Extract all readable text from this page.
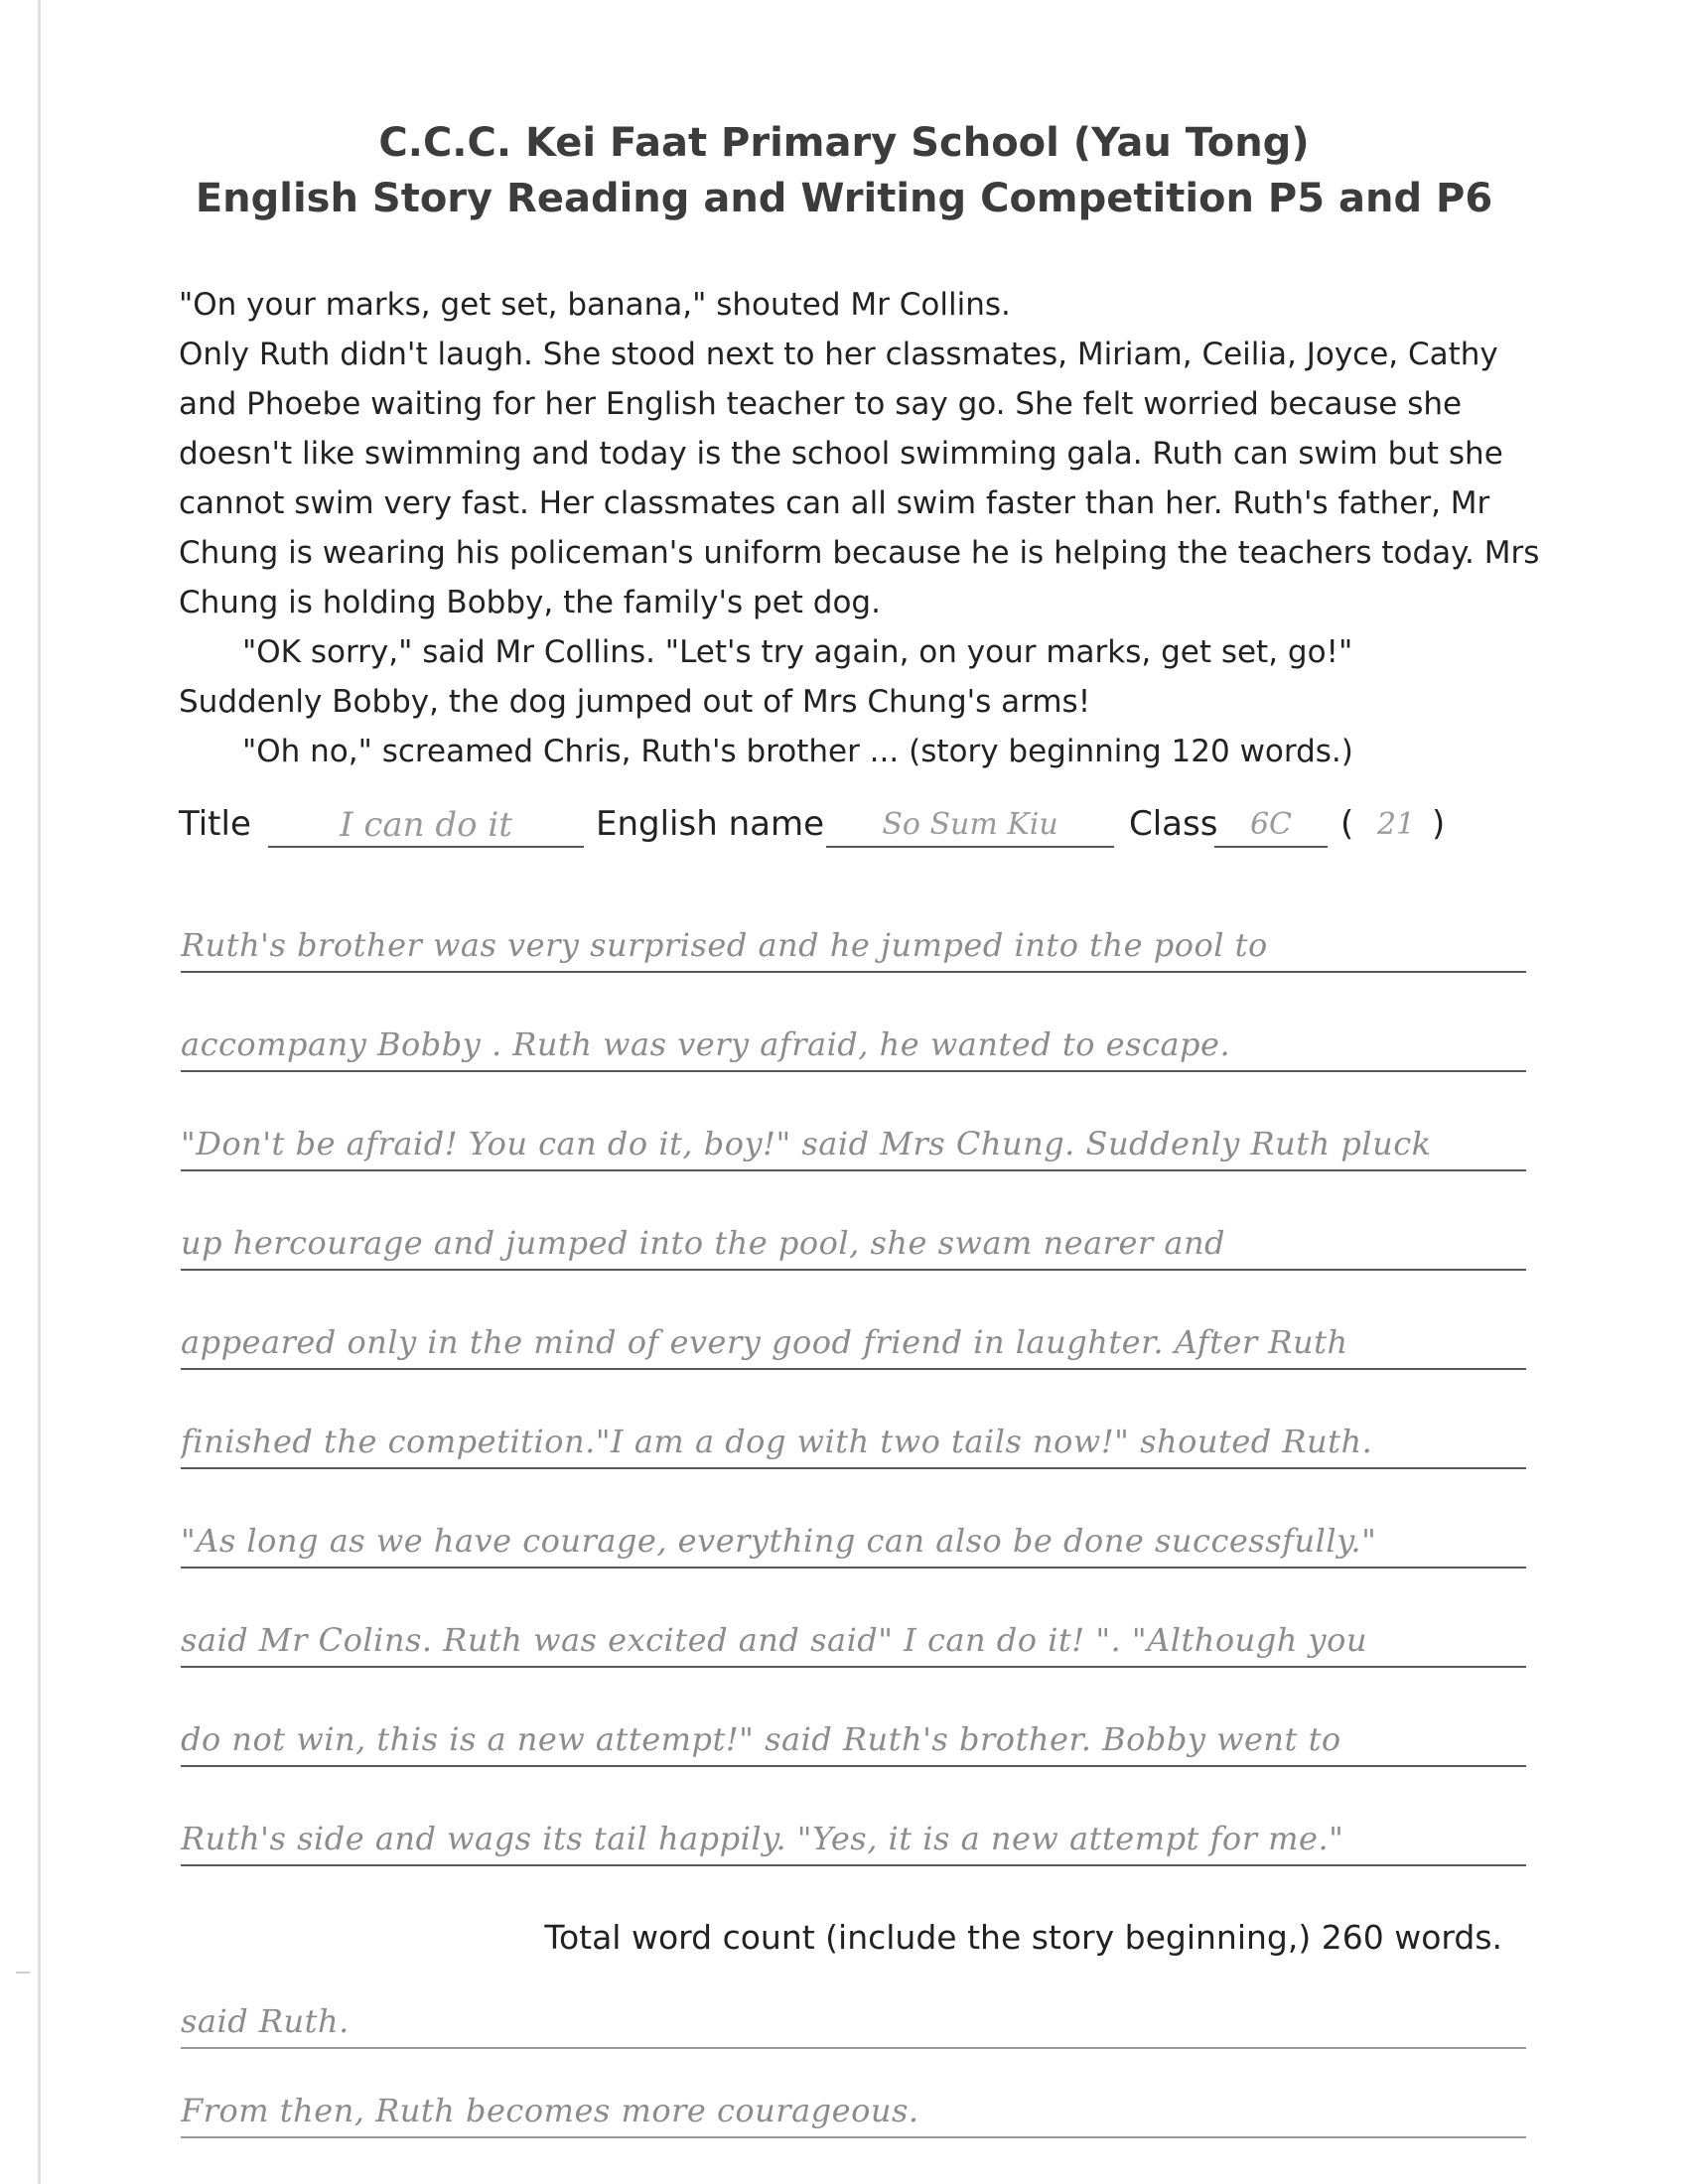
C.C.C. Kei Faat Primary School (Yau Tong)
English Story Reading and Writing Competition P5 and P6
"On your marks, get set, banana," shouted Mr Collins.
Only Ruth didn't laugh. She stood next to her classmates, Miriam, Ceilia, Joyce, Cathy
and Phoebe waiting for her English teacher to say go. She felt worried because she
doesn't like swimming and today is the school swimming gala. Ruth can swim but she
cannot swim very fast. Her classmates can all swim faster than her. Ruth's father, Mr
Chung is wearing his policeman's uniform because he is helping the teachers today. Mrs
Chung is holding Bobby, the family's pet dog.
"OK sorry," said Mr Collins. "Let's try again, on your marks, get set, go!"
Suddenly Bobby, the dog jumped out of Mrs Chung's arms!
"Oh no," screamed Chris, Ruth's brother ... (story beginning 120 words.)
Title	I can do it	English name	So Sum Kiu	Class	6C	( 21 )
Ruth's brother was very surprised and he jumped into the pool to
accompany Bobby . Ruth was very afraid, he wanted to escape.
"Don't be afraid! You can do it, boy!" said Mrs Chung. Suddenly Ruth pluck
up hercourage and jumped into the pool, she swam nearer and
appeared only in the mind of every good friend in laughter. After Ruth
finished the competition."I am a dog with two tails now!" shouted Ruth.
"As long as we have courage, everything can also be done successfully."
said Mr Colins. Ruth was excited and said" I can do it! ". "Although you
do not win, this is a new attempt!" said Ruth's brother. Bobby went to
Ruth's side and wags its tail happily. "Yes, it is a new attempt for me."
Total word count (include the story beginning,) 260 words.
said Ruth.
From then, Ruth becomes more courageous.
